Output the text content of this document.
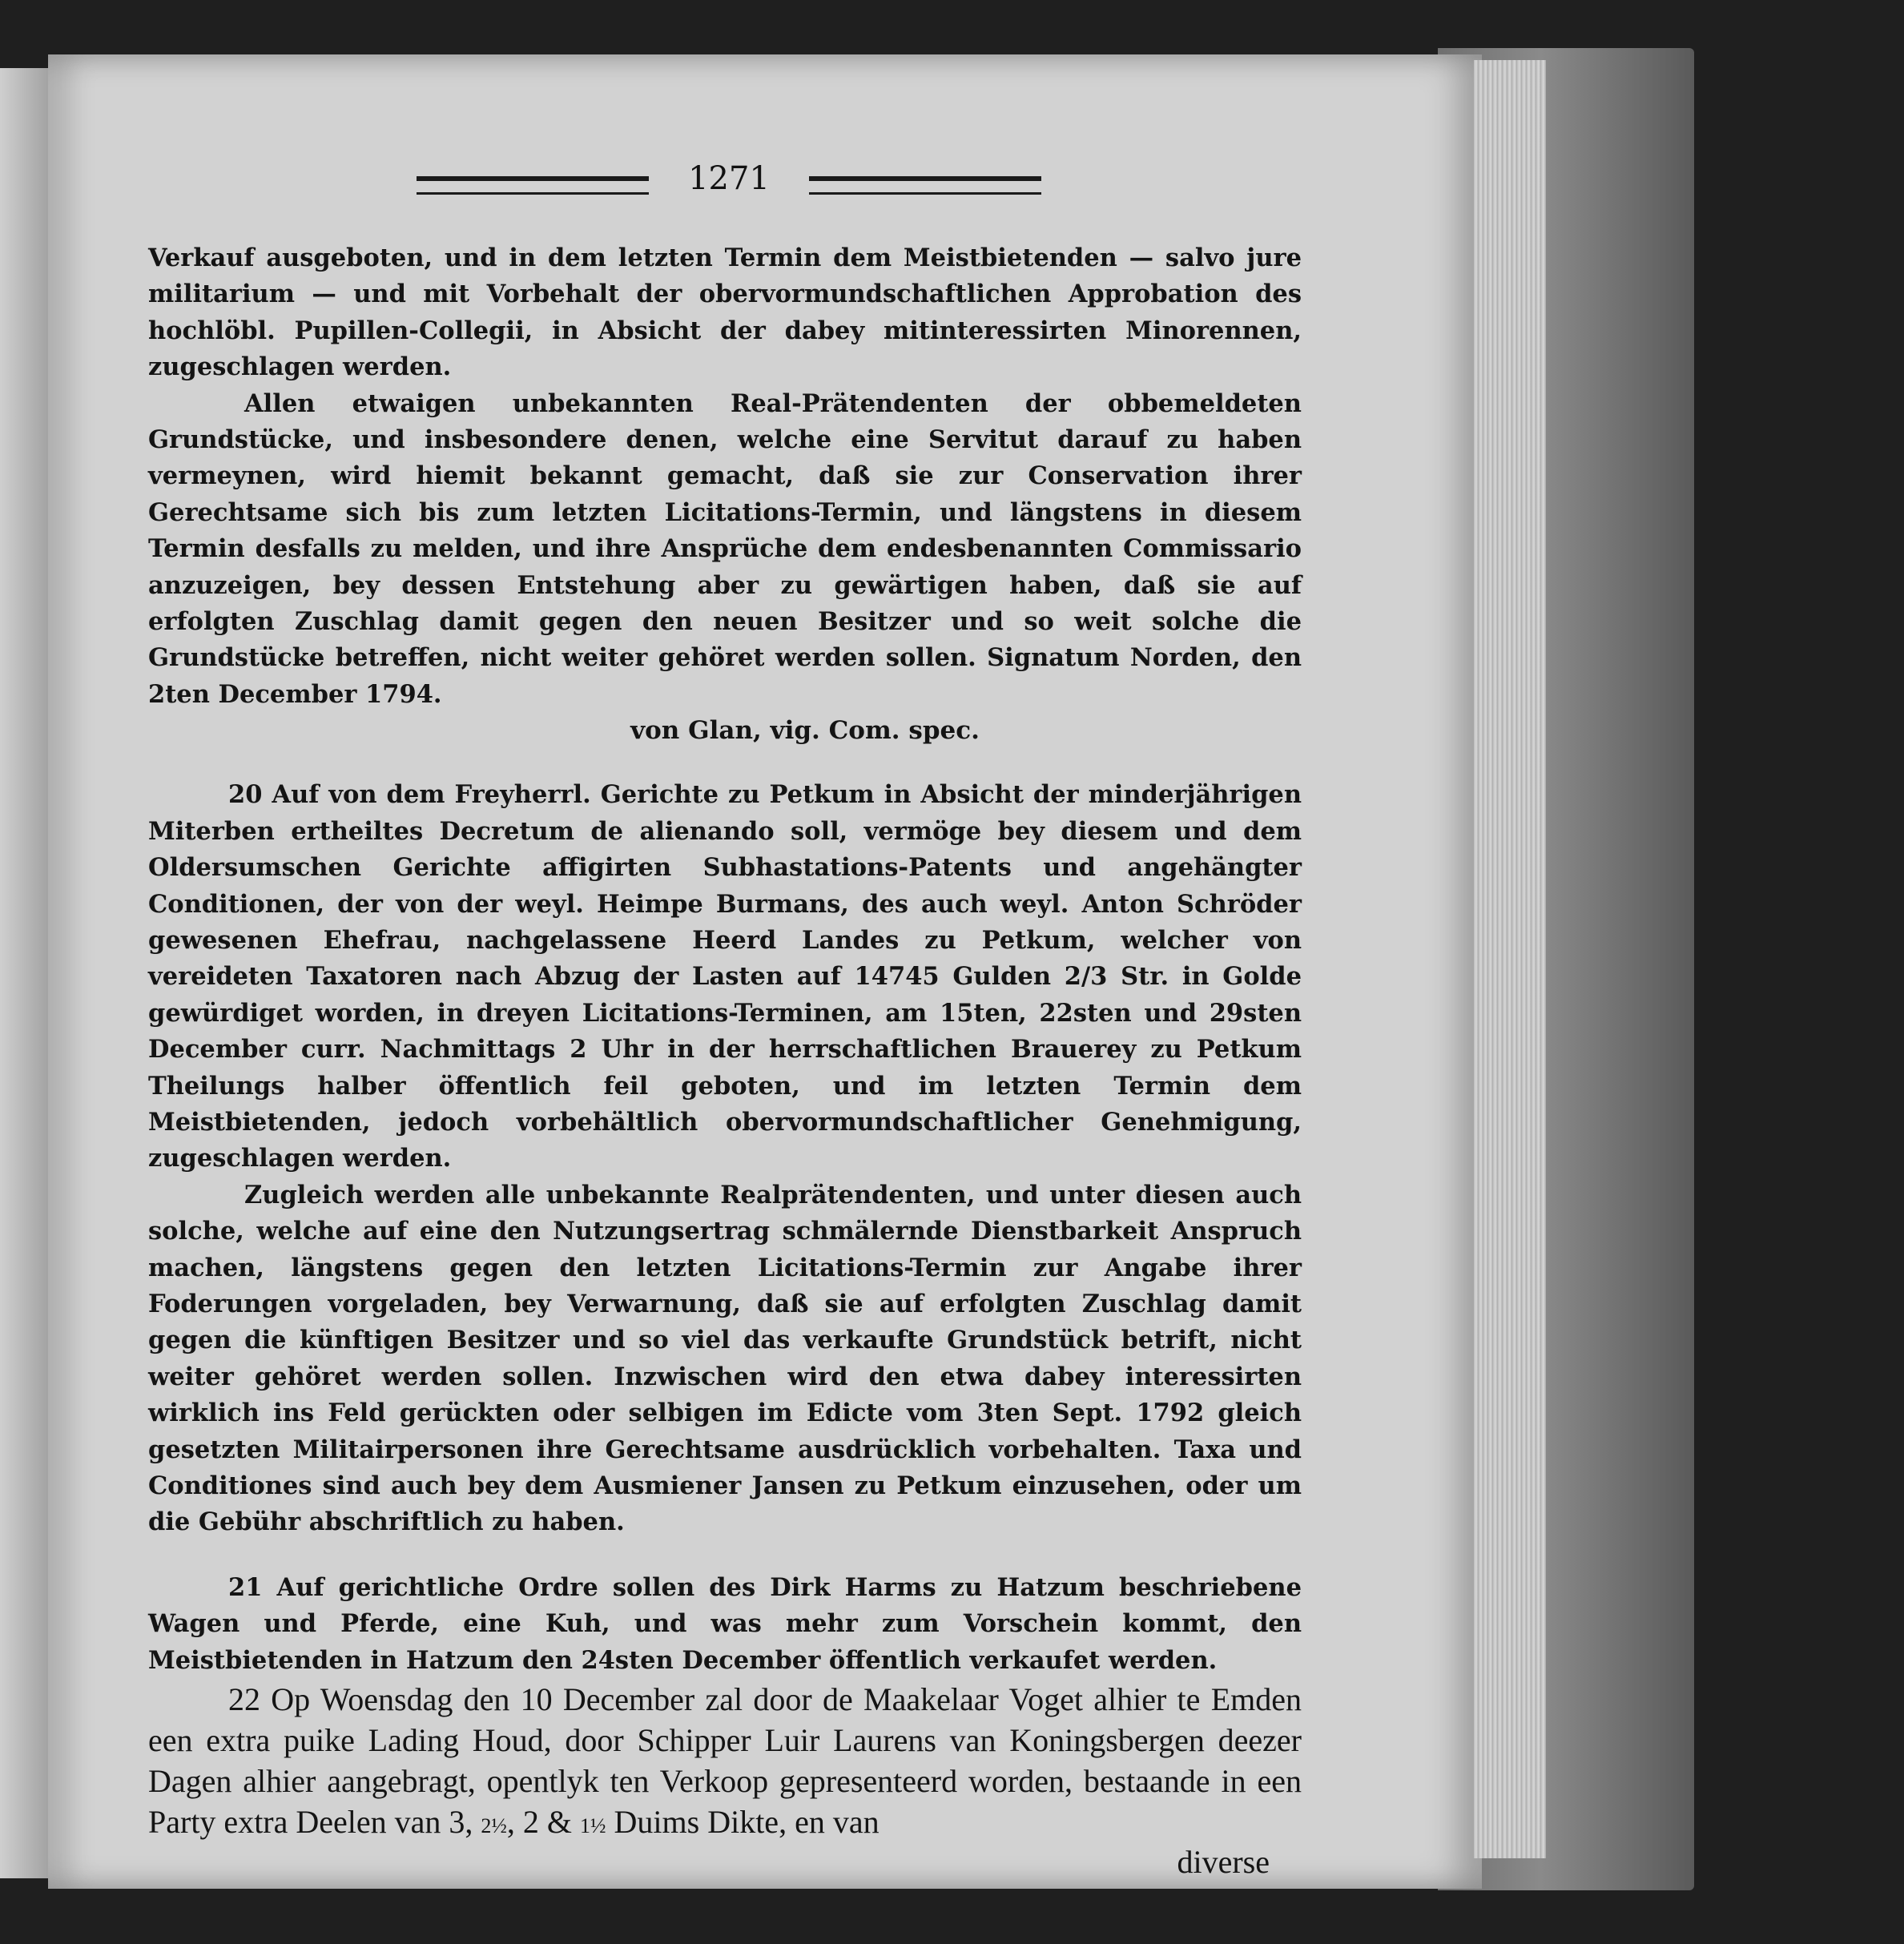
1271

Verkauf ausgeboten, und in dem letzten Termin dem Meistbietenden — salvo jure militarium — und mit Vorbehalt der obervormundschaftlichen Approbation des hochlöbl. Pupillen-Collegii, in Absicht der dabey mitinteressirten Minorennen, zugeschlagen werden.

Allen etwaigen unbekannten Real-Prätendenten der obbemeldeten Grundstücke, und insbesondere denen, welche eine Servitut darauf zu haben vermeynen, wird hiemit bekannt gemacht, daß sie zur Conservation ihrer Gerechtsame sich bis zum letzten Licitations-Termin, und längstens in diesem Termin desfalls zu melden, und ihre Ansprüche dem endesbenannten Commissario anzuzeigen, bey dessen Entstehung aber zu gewärtigen haben, daß sie auf erfolgten Zuschlag damit gegen den neuen Besitzer und so weit solche die Grundstücke betreffen, nicht weiter gehöret werden sollen. Signatum Norden, den 2ten December 1794.

von Glan, vig. Com. spec.

20 Auf von dem Freyherrl. Gerichte zu Petkum in Absicht der minderjährigen Miterben ertheiltes Decretum de alienando soll, vermöge bey diesem und dem Oldersumschen Gerichte affigirten Subhastations-Patents und angehängter Conditionen, der von der weyl. Heimpe Burmans, des auch weyl. Anton Schröder gewesenen Ehefrau, nachgelassene Heerd Landes zu Petkum, welcher von vereideten Taxatoren nach Abzug der Lasten auf 14745 Gulden 2/3 Str. in Golde gewürdiget worden, in dreyen Licitations-Terminen, am 15ten, 22sten und 29sten December curr. Nachmittags 2 Uhr in der herrschaftlichen Brauerey zu Petkum Theilungs halber öffentlich feil geboten, und im letzten Termin dem Meistbietenden, jedoch vorbehältlich obervormundschaftlicher Genehmigung, zugeschlagen werden.

Zugleich werden alle unbekannte Realprätendenten, und unter diesen auch solche, welche auf eine den Nutzungsertrag schmälernde Dienstbarkeit Anspruch machen, längstens gegen den letzten Licitations-Termin zur Angabe ihrer Foderungen vorgeladen, bey Verwarnung, daß sie auf erfolgten Zuschlag damit gegen die künftigen Besitzer und so viel das verkaufte Grundstück betrift, nicht weiter gehöret werden sollen. Inzwischen wird den etwa dabey interessirten wirklich ins Feld gerückten oder selbigen im Edicte vom 3ten Sept. 1792 gleich gesetzten Militairpersonen ihre Gerechtsame ausdrücklich vorbehalten. Taxa und Conditiones sind auch bey dem Ausmiener Jansen zu Petkum einzusehen, oder um die Gebühr abschriftlich zu haben.

21 Auf gerichtliche Ordre sollen des Dirk Harms zu Hatzum beschriebene Wagen und Pferde, eine Kuh, und was mehr zum Vorschein kommt, den Meistbietenden in Hatzum den 24sten December öffentlich verkaufet werden.

22 Op Woensdag den 10 December zal door de Maakelaar Voget alhier te Emden een extra puike Lading Houd, door Schipper Luir Laurens van Koningsbergen deezer Dagen alhier aangebragt, opentlyk ten Verkoop gepresenteerd worden, bestaande in een Party extra Deelen van 3, 2½, 2 & 1½ Duims Dikte, en van

diverse
